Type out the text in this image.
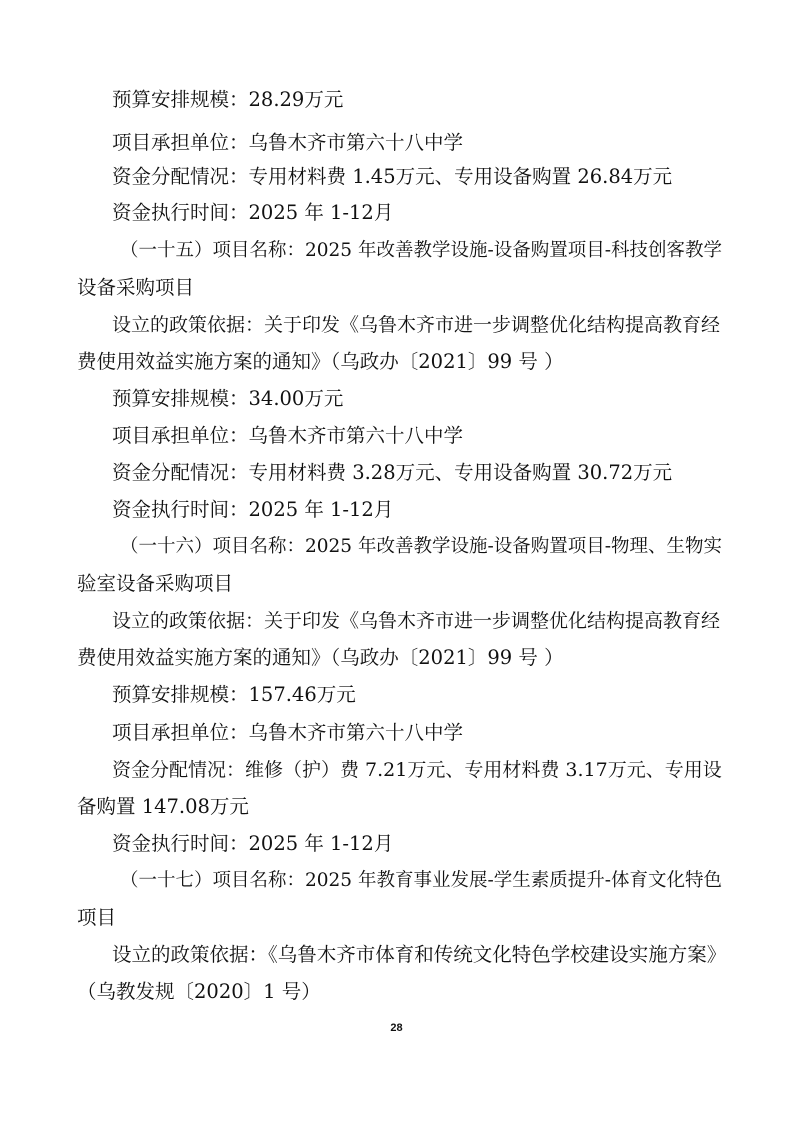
预算安排规模：28.29万元
项目承担单位：乌鲁木齐市第六十八中学
资金分配情况：专用材料费 1.45万元、专用设备购置 26.84万元
资金执行时间：2025 年 1-12月
（一十五）项目名称：2025 年改善教学设施-设备购置项目-科技创客教学
设备采购项目
设立的政策依据：关于印发《乌鲁木齐市进一步调整优化结构提高教育经
费使用效益实施方案的通知》（乌政办〔2021〕99 号 ）
预算安排规模：34.00万元
项目承担单位：乌鲁木齐市第六十八中学
资金分配情况：专用材料费 3.28万元、专用设备购置 30.72万元
资金执行时间：2025 年 1-12月
（一十六）项目名称：2025 年改善教学设施-设备购置项目-物理、生物实
验室设备采购项目
设立的政策依据：关于印发《乌鲁木齐市进一步调整优化结构提高教育经
费使用效益实施方案的通知》（乌政办〔2021〕99 号 ）
预算安排规模：157.46万元
项目承担单位：乌鲁木齐市第六十八中学
资金分配情况：维修（护）费 7.21万元、专用材料费 3.17万元、专用设
备购置 147.08万元
资金执行时间：2025 年 1-12月
（一十七）项目名称：2025 年教育事业发展-学生素质提升-体育文化特色
项目
设立的政策依据：《乌鲁木齐市体育和传统文化特色学校建设实施方案》
（乌教发规〔2020〕1 号）
28
